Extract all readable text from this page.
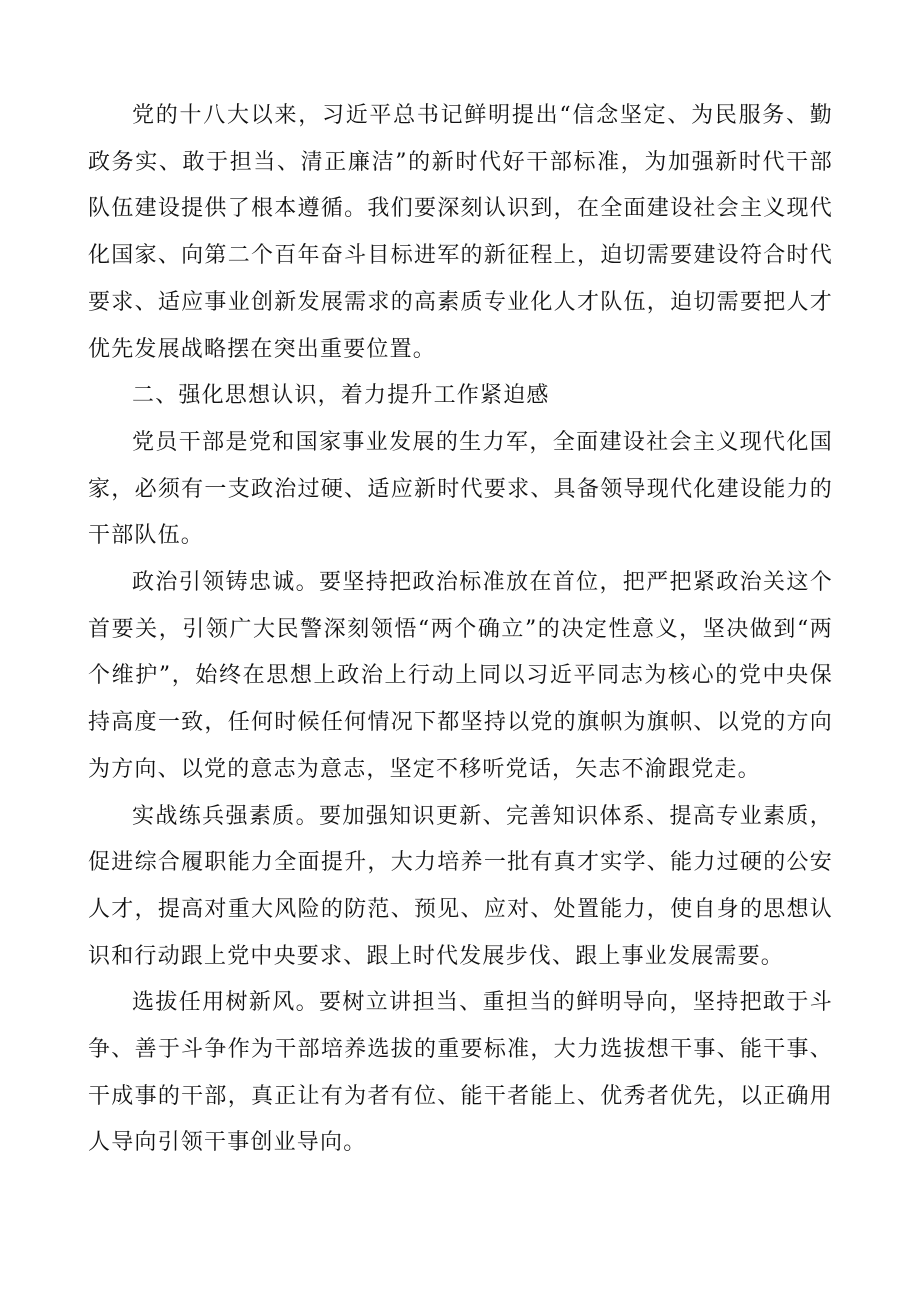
党的十八大以来，习近平总书记鲜明提出“信念坚定、为民服务、勤政务实、敢于担当、清正廉洁”的新时代好干部标准，为加强新时代干部队伍建设提供了根本遵循。我们要深刻认识到，在全面建设社会主义现代化国家、向第二个百年奋斗目标进军的新征程上，迫切需要建设符合时代要求、适应事业创新发展需求的高素质专业化人才队伍，迫切需要把人才优先发展战略摆在突出重要位置。

二、强化思想认识，着力提升工作紧迫感

党员干部是党和国家事业发展的生力军，全面建设社会主义现代化国家，必须有一支政治过硬、适应新时代要求、具备领导现代化建设能力的干部队伍。

政治引领铸忠诚。要坚持把政治标准放在首位，把严把紧政治关这个首要关，引领广大民警深刻领悟“两个确立”的决定性意义，坚决做到“两个维护”，始终在思想上政治上行动上同以习近平同志为核心的党中央保持高度一致，任何时候任何情况下都坚持以党的旗帜为旗帜、以党的方向为方向、以党的意志为意志，坚定不移听党话，矢志不渝跟党走。

实战练兵强素质。要加强知识更新、完善知识体系、提高专业素质，促进综合履职能力全面提升，大力培养一批有真才实学、能力过硬的公安人才，提高对重大风险的防范、预见、应对、处置能力，使自身的思想认识和行动跟上党中央要求、跟上时代发展步伐、跟上事业发展需要。

选拔任用树新风。要树立讲担当、重担当的鲜明导向，坚持把敢于斗争、善于斗争作为干部培养选拔的重要标准，大力选拔想干事、能干事、干成事的干部，真正让有为者有位、能干者能上、优秀者优先，以正确用人导向引领干事创业导向。
